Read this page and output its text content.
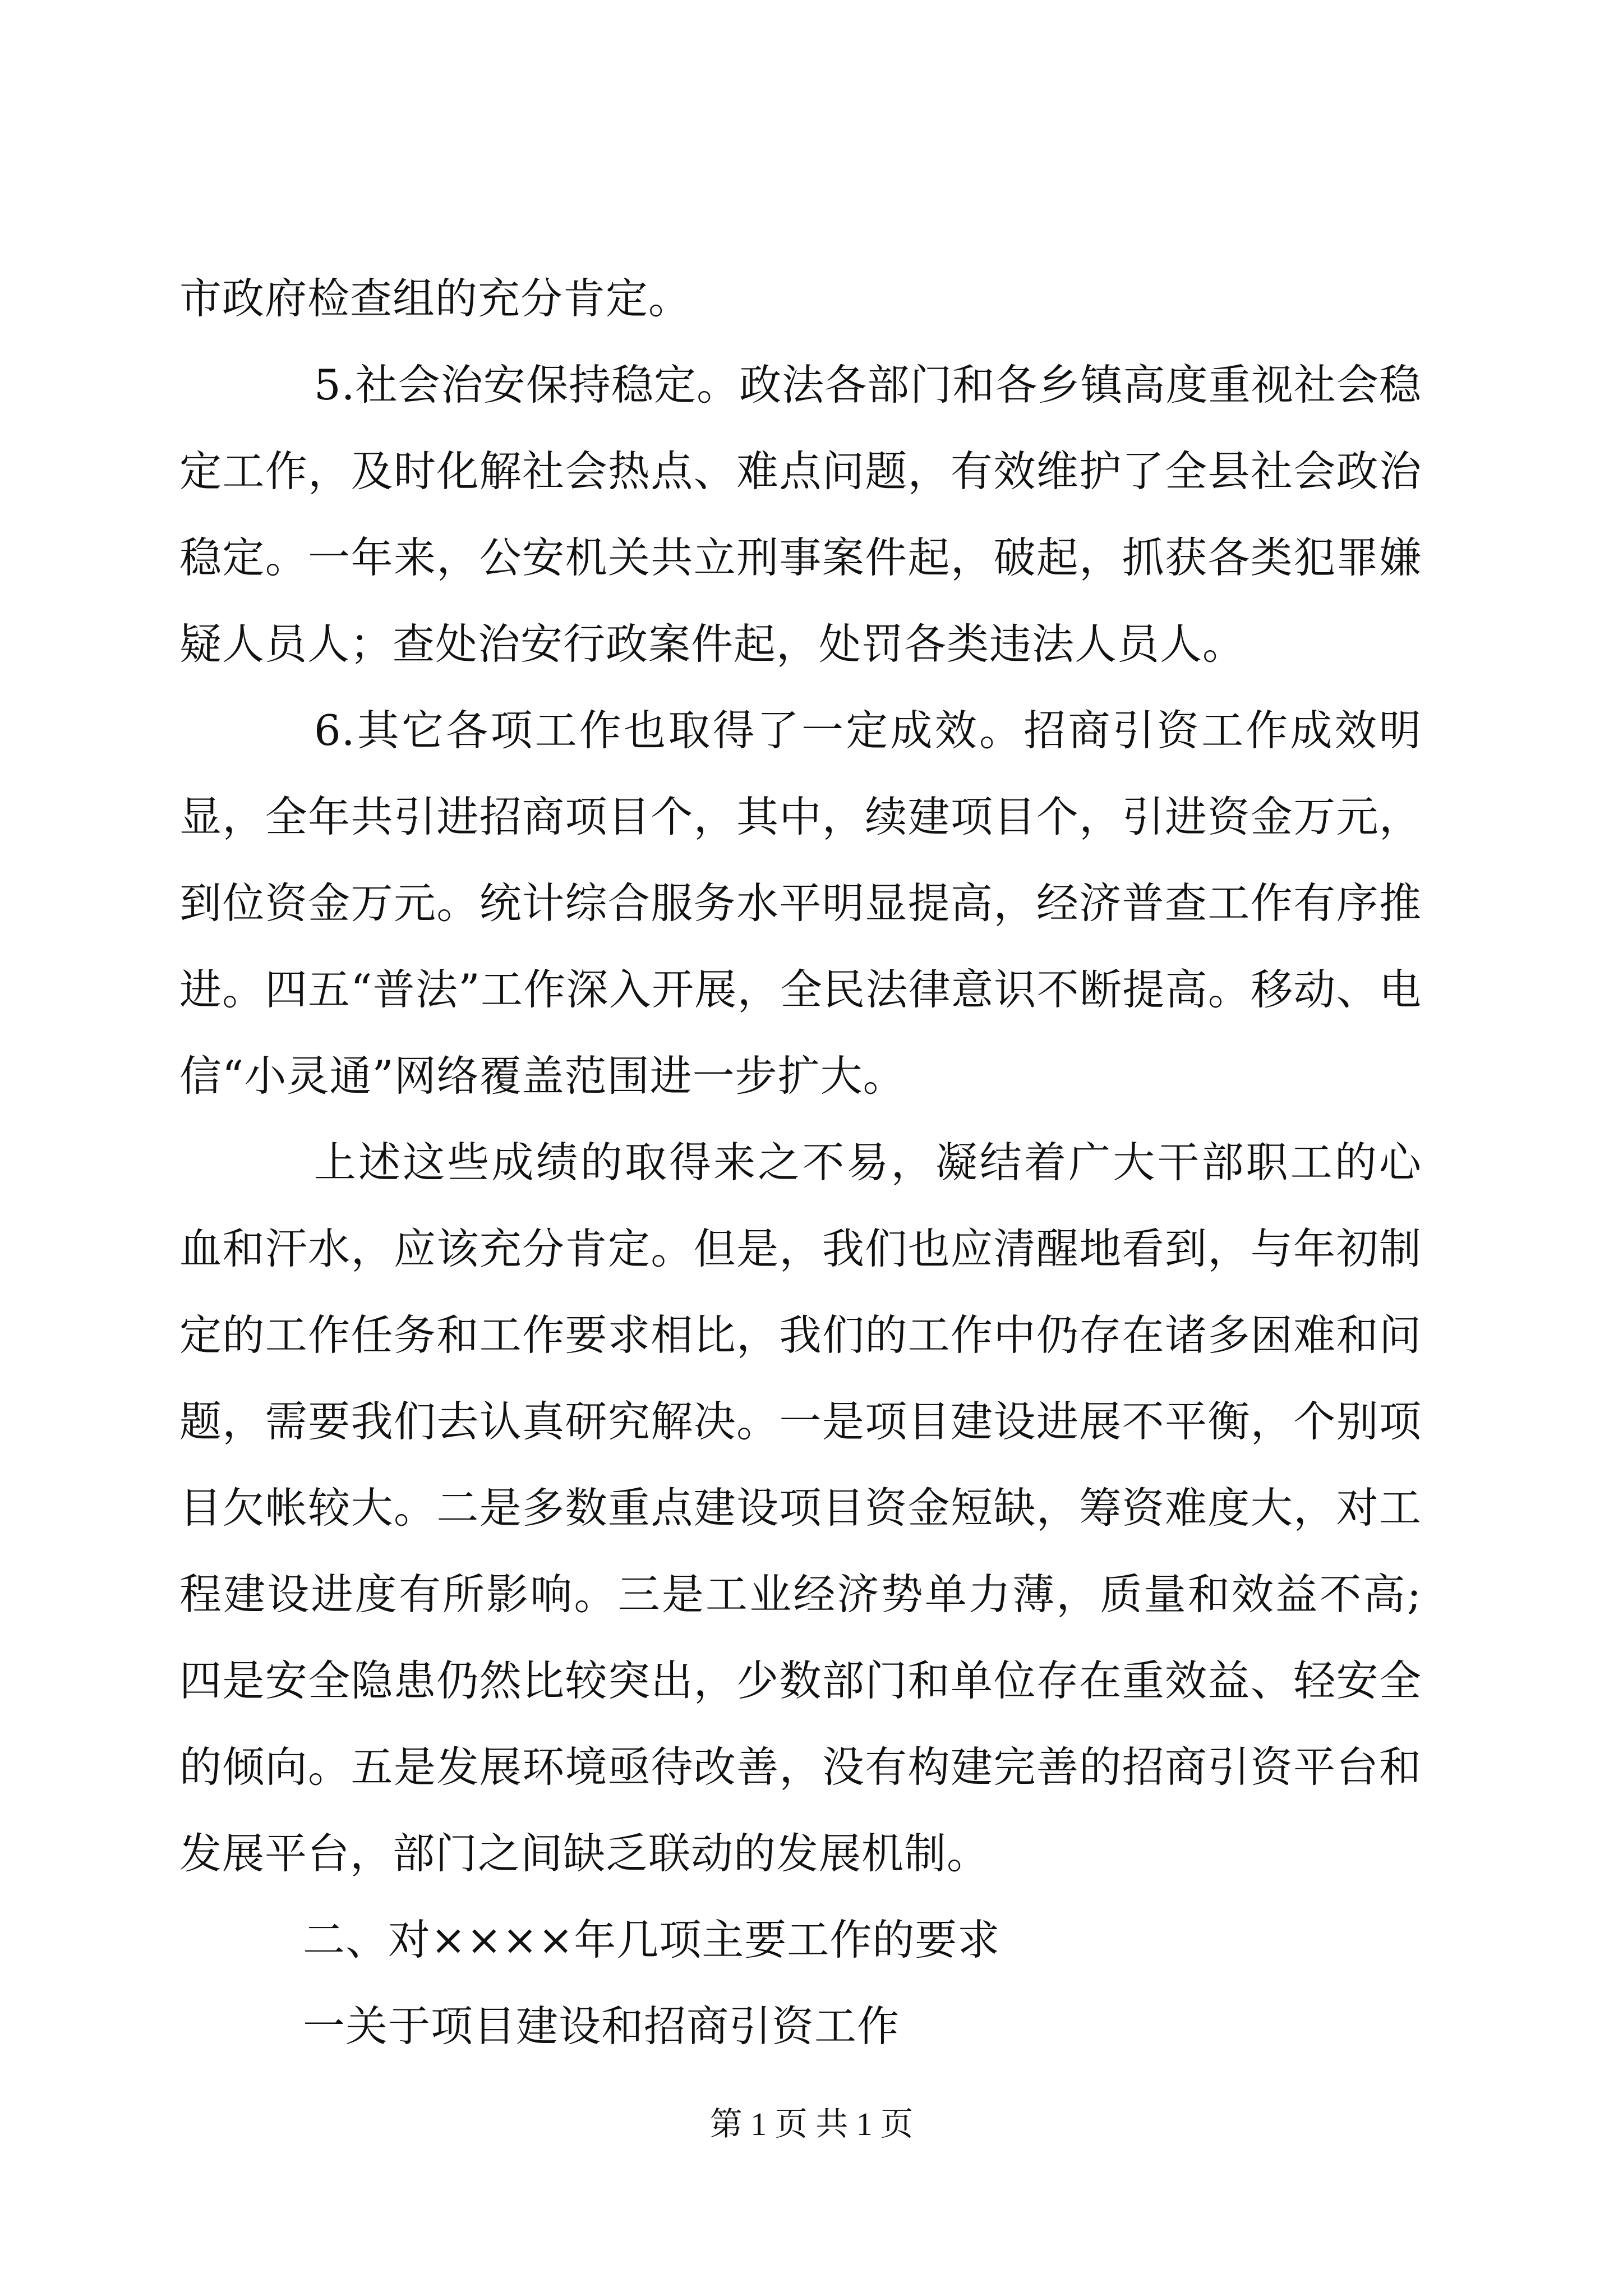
市政府检查组的充分肯定。

5.社会治安保持稳定。政法各部门和各乡镇高度重视社会稳定工作，及时化解社会热点、难点问题，有效维护了全县社会政治稳定。一年来，公安机关共立刑事案件起，破起，抓获各类犯罪嫌疑人员人；查处治安行政案件起，处罚各类违法人员人。

6.其它各项工作也取得了一定成效。招商引资工作成效明显，全年共引进招商项目个，其中，续建项目个，引进资金万元，到位资金万元。统计综合服务水平明显提高，经济普查工作有序推进。四五“普法”工作深入开展，全民法律意识不断提高。移动、电信“小灵通”网络覆盖范围进一步扩大。

上述这些成绩的取得来之不易，凝结着广大干部职工的心血和汗水，应该充分肯定。但是，我们也应清醒地看到，与年初制定的工作任务和工作要求相比，我们的工作中仍存在诸多困难和问题，需要我们去认真研究解决。一是项目建设进展不平衡，个别项目欠帐较大。二是多数重点建设项目资金短缺，筹资难度大，对工程建设进度有所影响。三是工业经济势单力薄，质量和效益不高; 四是安全隐患仍然比较突出，少数部门和单位存在重效益、轻安全的倾向。五是发展环境亟待改善，没有构建完善的招商引资平台和发展平台，部门之间缺乏联动的发展机制。

二、对××××年几项主要工作的要求

一关于项目建设和招商引资工作

第 1 页 共 1 页
